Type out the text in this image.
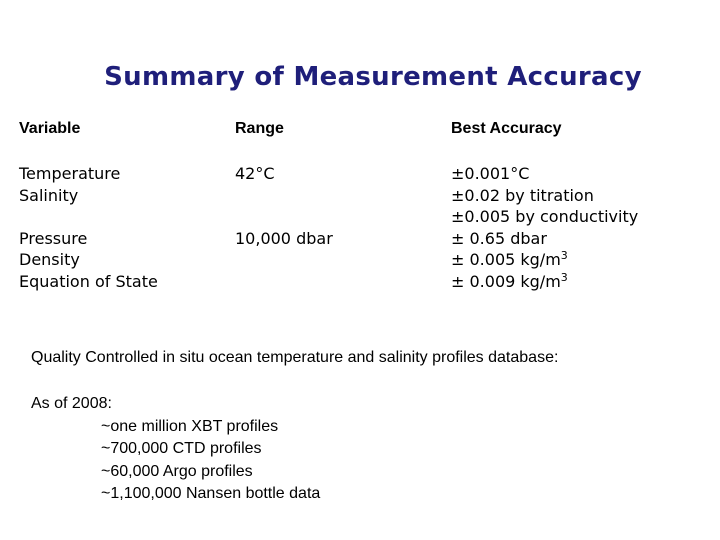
Summary of Measurement Accuracy
Variable	Range	Best Accuracy
Temperature
Salinity
Pressure
Density
Equation of State
42°C
10,000 dbar
±0.001°C
±0.02 by titration
±0.005 by conductivity
± 0.65 dbar
± 0.005 $kg/m^3$
± 0.009 $kg/m^3$
Quality Controlled in situ ocean temperature and salinity profiles database:
As of 2008:
~one million XBT profiles
~700,000 CTD profiles
~60,000 Argo profiles
~1,100,000 Nansen bottle data
